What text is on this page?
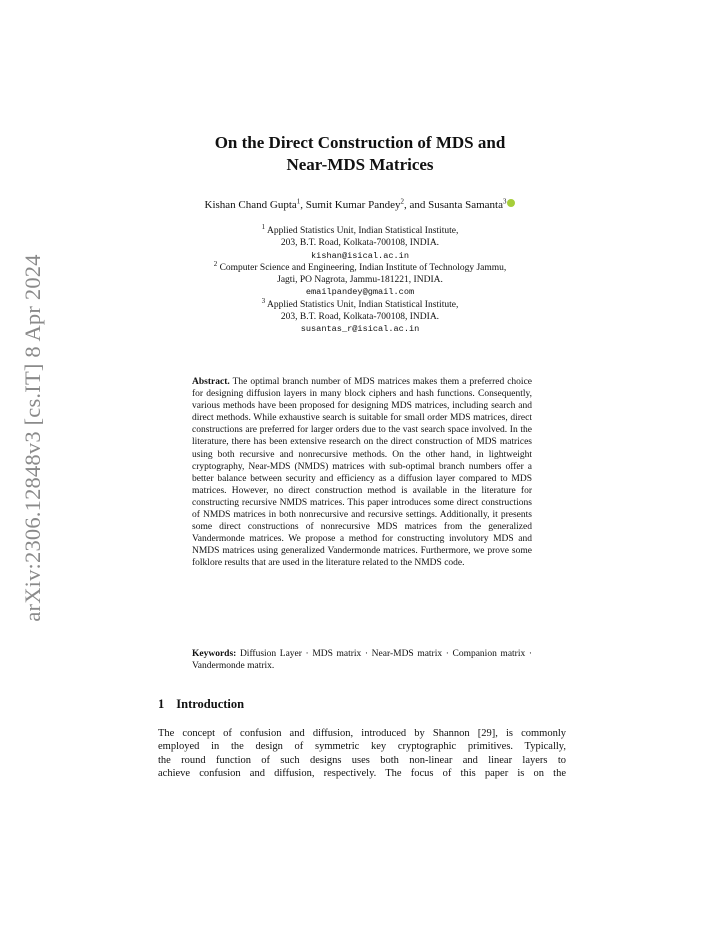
arXiv:2306.12848v3 [cs.IT] 8 Apr 2024
On the Direct Construction of MDS and
Near-MDS Matrices
Kishan Chand Gupta$^1$, Sumit Kumar Pandey$^2$, and Susanta Samanta$^3$
$^1$ Applied Statistics Unit, Indian Statistical Institute,
203, B.T. Road, Kolkata-700108, INDIA.
kishan@isical.ac.in
$^2$ Computer Science and Engineering, Indian Institute of Technology Jammu,
Jagti, PO Nagrota, Jammu-181221, INDIA.
emailpandey@gmail.com
$^3$ Applied Statistics Unit, Indian Statistical Institute,
203, B.T. Road, Kolkata-700108, INDIA.
susantas_r@isical.ac.in
Abstract. The optimal branch number of MDS matrices makes them a preferred choice for designing diffusion layers in many block ciphers and hash functions. Consequently, various methods have been proposed for designing MDS matrices, including search and direct methods. While exhaustive search is suitable for small order MDS matrices, direct constructions are preferred for larger orders due to the vast search space involved. In the literature, there has been extensive research on the direct construction of MDS matrices using both recursive and nonrecursive methods. On the other hand, in lightweight cryptography, Near-MDS (NMDS) matrices with sub-optimal branch numbers offer a better balance between security and efficiency as a diffusion layer compared to MDS matrices. However, no direct construction method is available in the literature for constructing recursive NMDS matrices. This paper introduces some direct constructions of NMDS matrices in both nonrecursive and recursive settings. Additionally, it presents some direct constructions of nonrecursive MDS matrices from the generalized Vandermonde matrices. We propose a method for constructing involutory MDS and NMDS matrices using generalized Vandermonde matrices. Furthermore, we prove some folklore results that are used in the literature related to the NMDS code.
Keywords: Diffusion Layer · MDS matrix · Near-MDS matrix · Companion matrix · Vandermonde matrix.
1 Introduction
The concept of confusion and diffusion, introduced by Shannon [29], is commonly
employed in the design of symmetric key cryptographic primitives. Typically,
the round function of such designs uses both non-linear and linear layers to
achieve confusion and diffusion, respectively. The focus of this paper is on the
